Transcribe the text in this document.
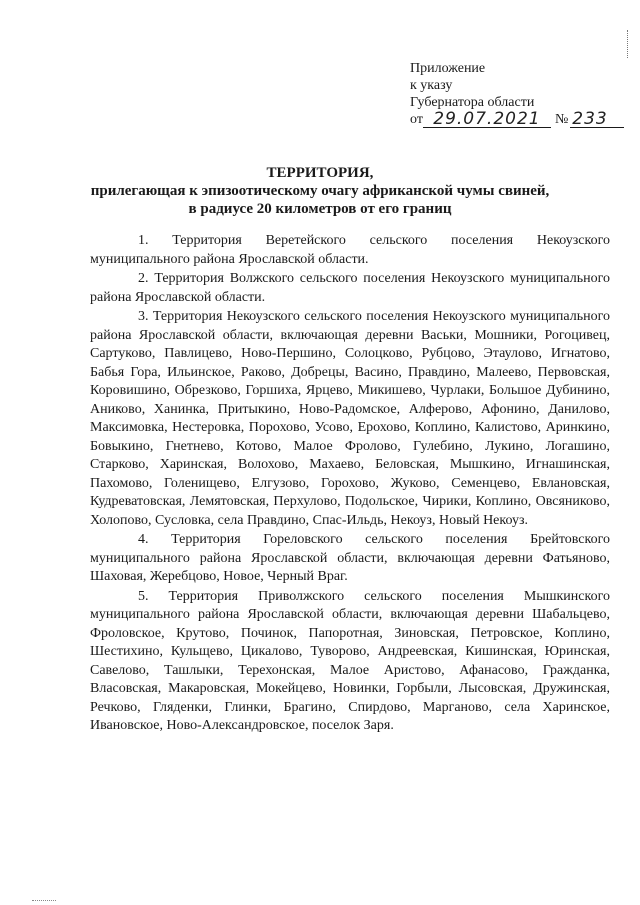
Приложение
к указу
Губернатора области
от 29.07.2021	№ 233
ТЕРРИТОРИЯ,
прилегающая к эпизоотическому очагу африканской чумы свиней,
в радиусе 20 километров от его границ

1. Территория Веретейского сельского поселения Некоузского муниципального района Ярославской области.

2. Территория Волжского сельского поселения Некоузского муниципального района Ярославской области.

3. Территория Некоузского сельского поселения Некоузского муниципального района Ярославской области, включающая деревни Васьки, Мошники, Рогоцивец, Сартуково, Павлицево, Ново-Першино, Солоцково, Рубцово, Этаулово, Игнатово, Бабья Гора, Ильинское, Раково, Добрецы, Васино, Правдино, Малеево, Первовская, Коровишино, Обрезково, Горшиха, Ярцево, Микишево, Чурлаки, Большое Дубинино, Аниково, Ханинка, Притыкино, Ново-Радомское, Алферово, Афонино, Данилово, Максимовка, Нестеровка, Порохово, Усово, Ерохово, Коплино, Калистово, Аринкино, Бовыкино, Гнетнево, Котово, Малое Фролово, Гулебино, Лукино, Логашино, Старково, Харинская, Волохово, Махаево, Беловская, Мышкино, Игнашинская, Пахомово, Голенищево, Елгузово, Горохово, Жуково, Семенцево, Евлановская, Кудреватовская, Лемятовская, Перхулово, Подольское, Чирики, Коплино, Овсяниково, Холопово, Сусловка, села Правдино, Спас-Ильдь, Некоуз, Новый Некоуз.

4. Территория Гореловского сельского поселения Брейтовского муниципального района Ярославской области, включающая деревни Фатьяново, Шаховая, Жеребцово, Новое, Черный Враг.

5. Территория Приволжского сельского поселения Мышкинского муниципального района Ярославской области, включающая деревни Шабальцево, Фроловское, Крутово, Починок, Папоротная, Зиновская, Петровское, Коплино, Шестихино, Кульщево, Цикалово, Туворово, Андреевская, Кишинская, Юринская, Савелово, Ташлыки, Терехонская, Малое Аристово, Афанасово, Гражданка, Власовская, Макаровская, Мокейцево, Новинки, Горбыли, Лысовская, Дружинская, Речково, Гляденки, Глинки, Брагино, Спирдово, Марганово, села Харинское, Ивановское, Ново-Александровское, поселок Заря.
